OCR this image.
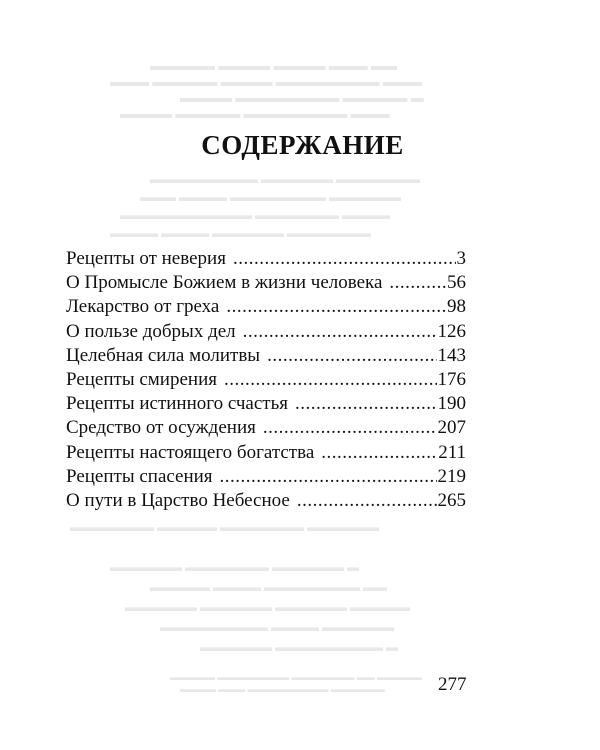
▬▬ ▬▬▬ ▬▬▬▬ ▬▬▬▬ ▬▬▬▬▬
▬▬▬ ▬▬▬▬▬▬▬▬ ▬▬▬▬ ▬▬▬▬▬ ▬▬▬
▬ ▬▬▬▬▬ ▬▬▬▬▬▬▬▬ ▬▬▬▬
▬▬▬ ▬▬▬▬▬▬▬▬ ▬▬▬▬▬ ▬▬▬▬
▬▬▬▬▬▬▬ ▬▬▬▬▬▬ ▬▬▬▬▬▬▬▬▬
▬▬▬▬▬▬ ▬▬▬▬▬▬▬▬ ▬▬▬▬ ▬▬▬
▬▬▬▬ ▬▬▬▬▬▬▬ ▬▬▬▬▬▬▬▬▬▬▬
▬▬▬▬▬▬▬ ▬▬▬▬▬▬ ▬▬▬▬ ▬▬▬▬
▬▬▬▬▬▬ ▬▬▬▬▬▬▬ ▬▬▬▬▬ ▬▬▬▬▬▬▬
▬ ▬▬▬▬▬▬ ▬▬▬▬▬▬▬ ▬▬▬▬▬▬
▬▬ ▬▬▬▬▬▬▬▬ ▬▬▬▬ ▬▬▬▬▬
▬▬▬▬▬ ▬▬▬▬▬▬ ▬▬▬▬▬▬ ▬▬▬▬▬▬
▬▬▬▬▬▬ ▬▬▬▬ ▬▬▬▬▬▬▬▬▬
▬ ▬▬▬▬▬▬▬▬▬ ▬▬▬▬▬▬
▬▬▬▬▬ ▬▬ ▬▬▬▬▬▬▬ ▬▬▬▬▬▬▬▬ ▬▬▬▬▬
▬▬▬▬▬▬ ▬▬▬▬▬▬▬▬▬ ▬▬▬ ▬▬▬▬
СОДЕРЖАНИЕ
Рецепты от неверия .....	3
О Промысле Божием в жизни человека .....	56
Лекарство от греха .....	98
О пользе добрых дел .....	126
Целебная сила молитвы .....	143
Рецепты смирения .....	176
Рецепты истинного счастья .....	190
Средство от осуждения .....	207
Рецепты настоящего богатства .....	211
Рецепты спасения .....	219
О пути в Царство Небесное .....	265
277
